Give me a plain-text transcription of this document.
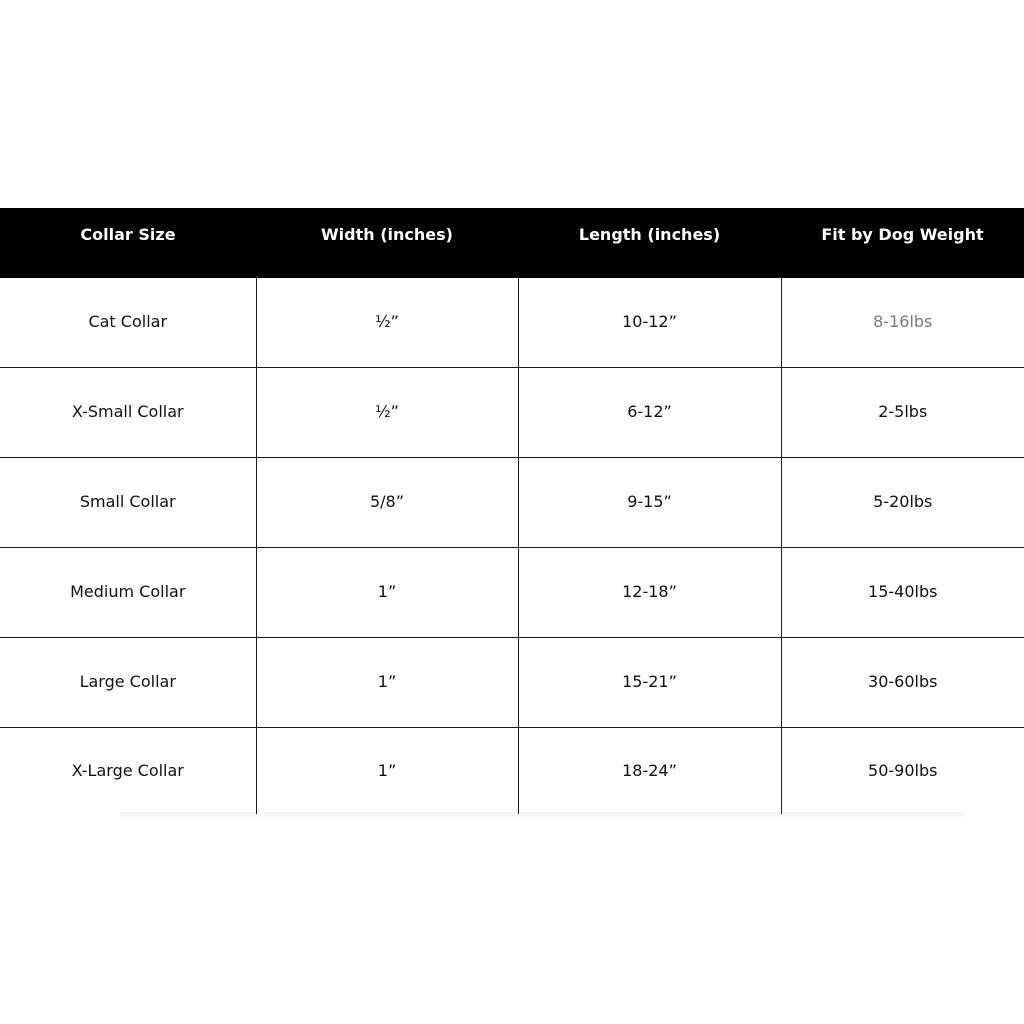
Collar Size	Width (inches)	Length (inches)	Fit by Dog Weight
Cat Collar	½”	10-12”	8-16lbs
X-Small Collar	½”	6-12”	2-5lbs
Small Collar	5/8”	9-15”	5-20lbs
Medium Collar	1”	12-18”	15-40lbs
Large Collar	1”	15-21”	30-60lbs
X-Large Collar	1”	18-24”	50-90lbs
